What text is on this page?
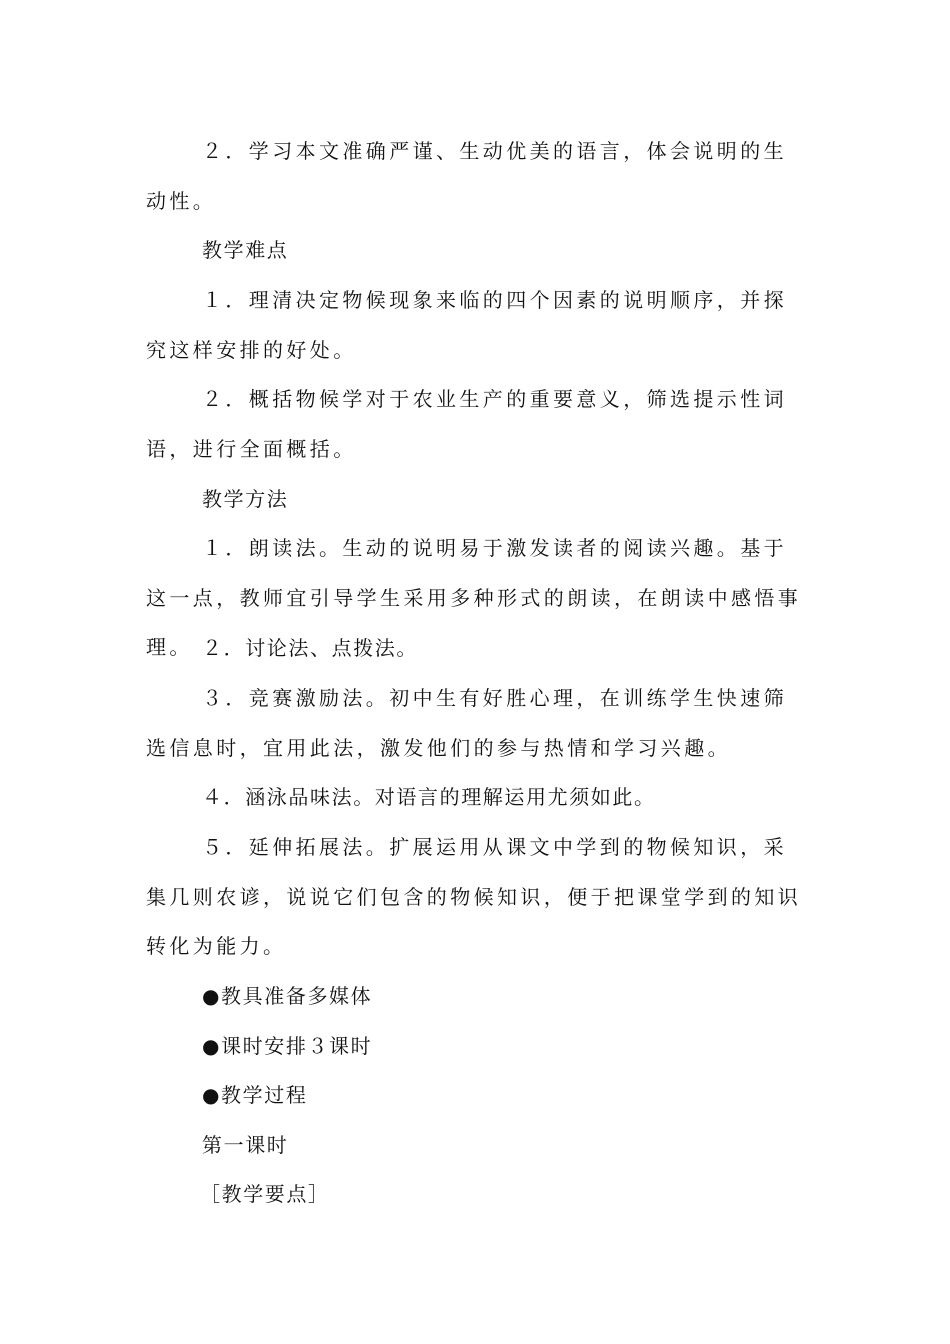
２．学习本文准确严谨、生动优美的语言，体会说明的生动性。

教学难点

１．理清决定物候现象来临的四个因素的说明顺序，并探究这样安排的好处。

２．概括物候学对于农业生产的重要意义，筛选提示性词语，进行全面概括。

教学方法

１．朗读法。生动的说明易于激发读者的阅读兴趣。基于这一点，教师宜引导学生采用多种形式的朗读，在朗读中感悟事理。 ２．讨论法、点拨法。

３．竞赛激励法。初中生有好胜心理，在训练学生快速筛选信息时，宜用此法，激发他们的参与热情和学习兴趣。

４．涵泳品味法。对语言的理解运用尤须如此。

５．延伸拓展法。扩展运用从课文中学到的物候知识，采集几则农谚，说说它们包含的物候知识，便于把课堂学到的知识转化为能力。

●教具准备多媒体

●课时安排３课时

●教学过程

第一课时

［教学要点］
